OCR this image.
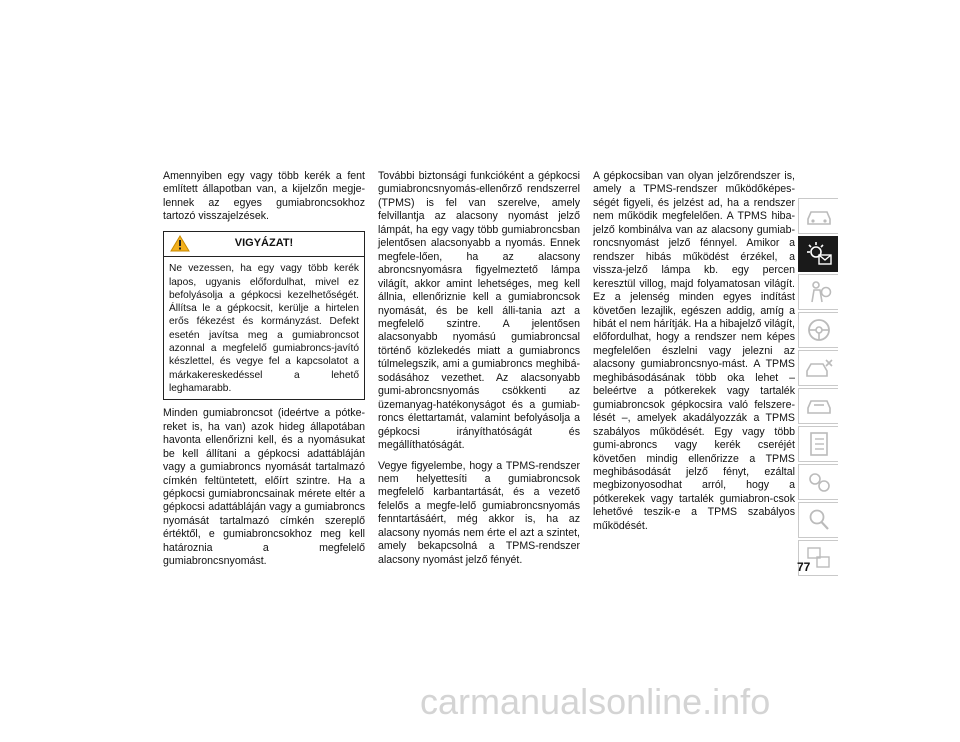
Amennyiben egy vagy több kerék a fent említett állapotban van, a kijelzőn megje-lennek az egyes gumiabroncsokhoz tartozó visszajelzések.

VIGYÁZAT!
Ne vezessen, ha egy vagy több kerék lapos, ugyanis előfordulhat, mivel ez befolyásolja a gépkocsi kezelhetőségét. Állítsa le a gépkocsit, kerülje a hirtelen erős fékezést és kormányzást. Defekt esetén javítsa meg a gumiabroncsot azonnal a megfelelő gumiabroncs-javító készlettel, és vegye fel a kapcsolatot a márkakereskedéssel a lehető leghamarabb.

Minden gumiabroncsot (ideértve a pótke-reket is, ha van) azok hideg állapotában havonta ellenőrizni kell, és a nyomásukat be kell állítani a gépkocsi adattábláján vagy a gumiabroncs nyomását tartalmazó címkén feltüntetett, előírt szintre. Ha a gépkocsi gumiabroncsainak mérete eltér a gépkocsi adattábláján vagy a gumiabroncs nyomását tartalmazó címkén szereplő értéktől, e gumiabroncsokhoz meg kell határoznia a megfelelő gumiabroncsnyomást.

További biztonsági funkcióként a gépkocsi gumiabroncsnyomás-ellenőrző rendszerrel (TPMS) is fel van szerelve, amely felvillantja az alacsony nyomást jelző lámpát, ha egy vagy több gumiabroncsban jelentősen alacsonyabb a nyomás. Ennek megfele-lően, ha az alacsony abroncsnyomásra figyelmeztető lámpa világít, akkor amint lehetséges, meg kell állnia, ellenőriznie kell a gumiabroncsok nyomását, és be kell álli-tania azt a megfelelő szintre. A jelentősen alacsonyabb nyomású gumiabroncsal történő közlekedés miatt a gumiabroncs túlmelegszik, ami a gumiabroncs meghibá-sodásához vezethet. Az alacsonyabb gumi-abroncsnyomás csökkenti az üzemanyag-hatékonyságot és a gumiab-roncs élettartamát, valamint befolyásolja a gépkocsi irányíthatóságát és megállíthatóságát.

Vegye figyelembe, hogy a TPMS-rendszer nem helyettesíti a gumiabroncsok megfelelő karbantartását, és a vezető felelős a megfe-lelő gumiabroncsnyomás fenntartásáért, még akkor is, ha az alacsony nyomás nem érte el azt a szintet, amely bekapcsolná a TPMS-rendszer alacsony nyomást jelző fényét.

A gépkocsiban van olyan jelzőrendszer is, amely a TPMS-rendszer működőképes-ségét figyeli, és jelzést ad, ha a rendszer nem működik megfelelően. A TPMS hiba-jelző kombinálva van az alacsony gumiab-roncsnyomást jelző fénnyel. Amikor a rendszer hibás működést érzékel, a vissza-jelző lámpa kb. egy percen keresztül villog, majd folyamatosan világít. Ez a jelenség minden egyes indítást követően lezajlik, egészen addig, amíg a hibát el nem hárítják. Ha a hibajelző világít, előfordulhat, hogy a rendszer nem képes megfelelően észlelni vagy jelezni az alacsony gumiabroncsnyo-mást. A TPMS meghibásodásának több oka lehet – beleértve a pótkerekek vagy tartalék gumiabroncsok gépkocsira való felszere-lését –, amelyek akadályozzák a TPMS szabályos működését. Egy vagy több gumi-abroncs vagy kerék cseréjét követően mindig ellenőrizze a TPMS meghibásodását jelző fényt, ezáltal megbizonyosodhat arról, hogy a pótkerekek vagy tartalék gumiabron-csok lehetővé teszik-e a TPMS szabályos működését.

77
carmanualsonline.info
